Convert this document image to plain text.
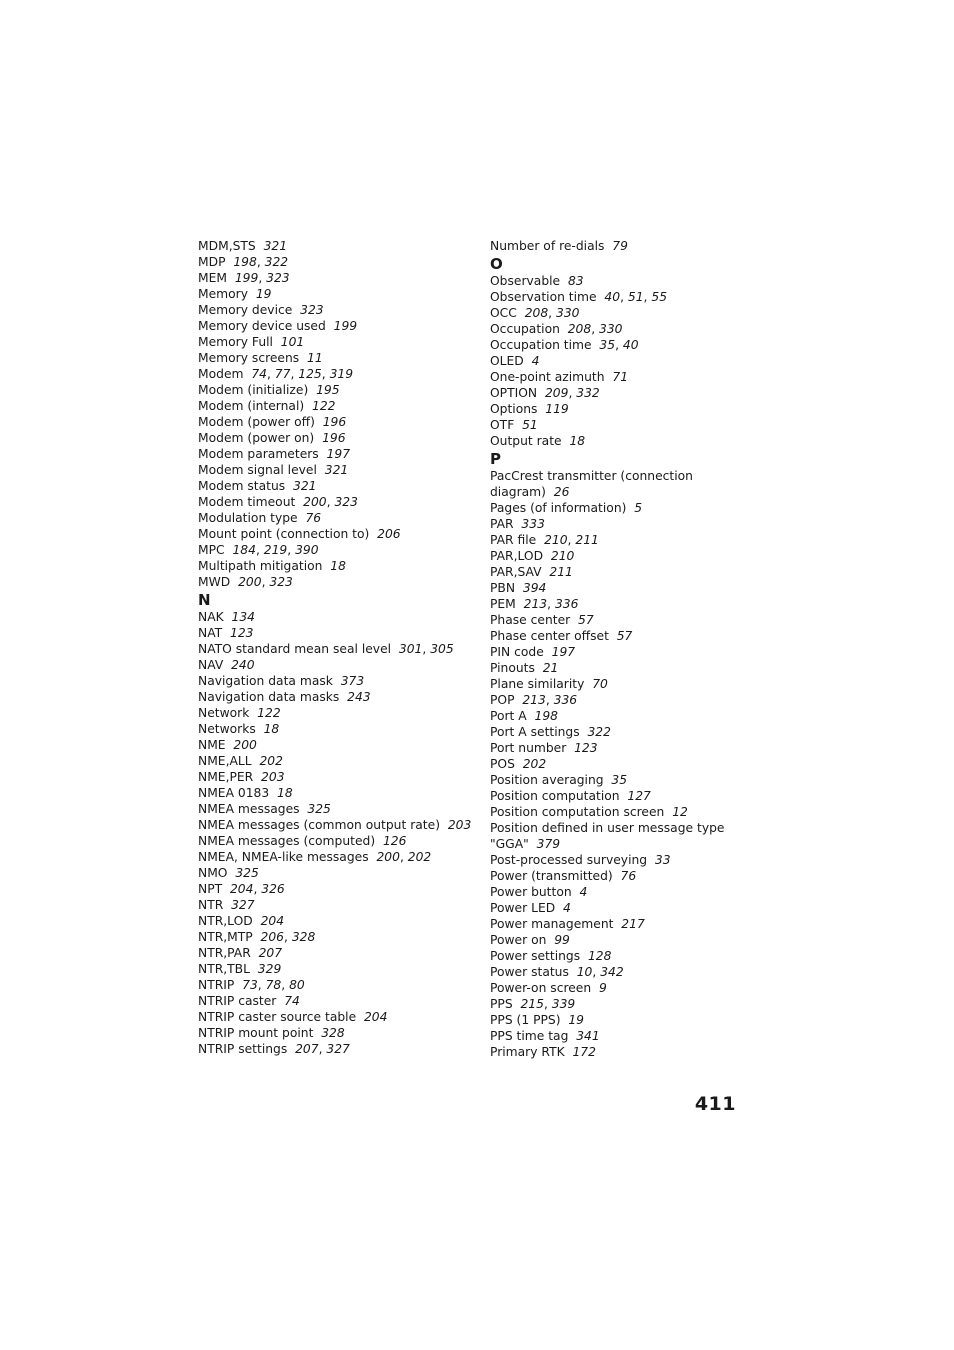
MDM,STS 321
MDP 198, 322
MEM 199, 323
Memory 19
Memory device 323
Memory device used 199
Memory Full 101
Memory screens 11
Modem 74, 77, 125, 319
Modem (initialize) 195
Modem (internal) 122
Modem (power off) 196
Modem (power on) 196
Modem parameters 197
Modem signal level 321
Modem status 321
Modem timeout 200, 323
Modulation type 76
Mount point (connection to) 206
MPC 184, 219, 390
Multipath mitigation 18
MWD 200, 323
N
NAK 134
NAT 123
NATO standard mean seal level 301, 305
NAV 240
Navigation data mask 373
Navigation data masks 243
Network 122
Networks 18
NME 200
NME,ALL 202
NME,PER 203
NMEA 0183 18
NMEA messages 325
NMEA messages (common output rate) 203
NMEA messages (computed) 126
NMEA, NMEA-like messages 200, 202
NMO 325
NPT 204, 326
NTR 327
NTR,LOD 204
NTR,MTP 206, 328
NTR,PAR 207
NTR,TBL 329
NTRIP 73, 78, 80
NTRIP caster 74
NTRIP caster source table 204
NTRIP mount point 328
NTRIP settings 207, 327
Number of re-dials 79
O
Observable 83
Observation time 40, 51, 55
OCC 208, 330
Occupation 208, 330
Occupation time 35, 40
OLED 4
One-point azimuth 71
OPTION 209, 332
Options 119
OTF 51
Output rate 18
P
PacCrest transmitter (connection diagram) 26
Pages (of information) 5
PAR 333
PAR file 210, 211
PAR,LOD 210
PAR,SAV 211
PBN 394
PEM 213, 336
Phase center 57
Phase center offset 57
PIN code 197
Pinouts 21
Plane similarity 70
POP 213, 336
Port A 198
Port A settings 322
Port number 123
POS 202
Position averaging 35
Position computation 127
Position computation screen 12
Position defined in user message type "GGA" 379
Post-processed surveying 33
Power (transmitted) 76
Power button 4
Power LED 4
Power management 217
Power on 99
Power settings 128
Power status 10, 342
Power-on screen 9
PPS 215, 339
PPS (1 PPS) 19
PPS time tag 341
Primary RTK 172
411
